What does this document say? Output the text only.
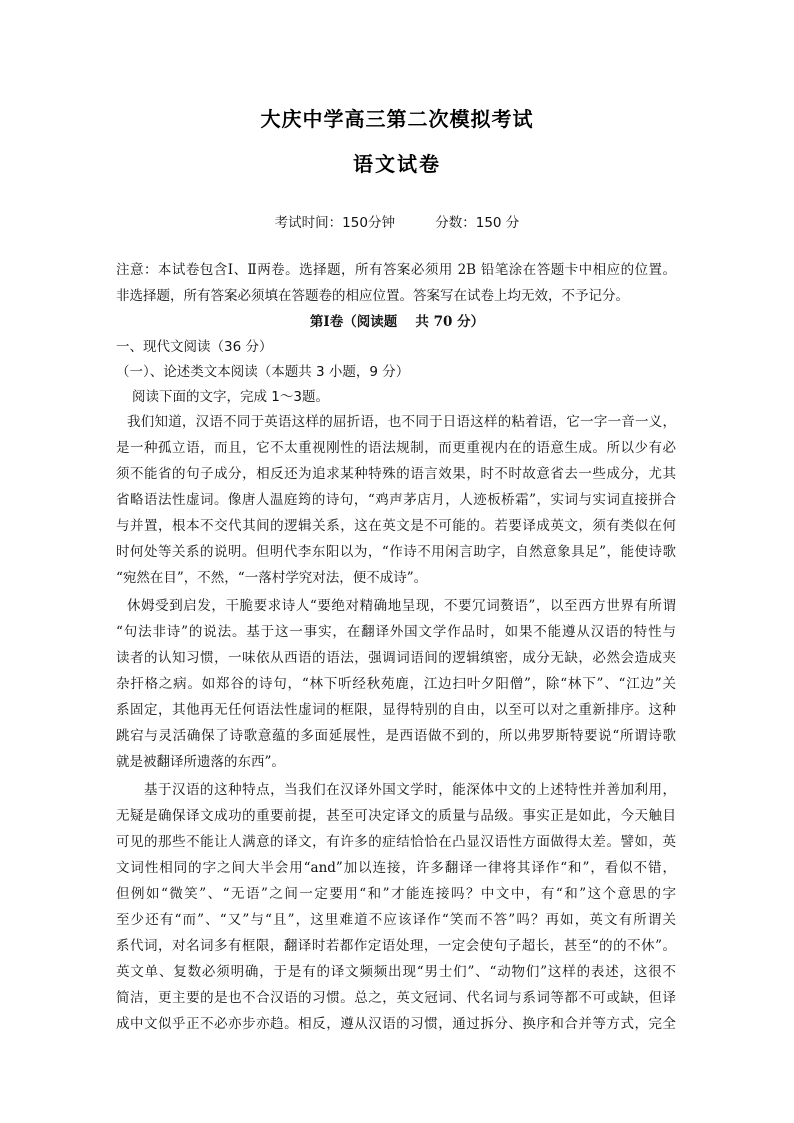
大庆中学高三第二次模拟考试
语文试卷
考试时间：150分钟	分数：150 分
注意：本试卷包含Ⅰ、Ⅱ两卷。选择题，所有答案必须用 2B 铅笔涂在答题卡中相应的位置。
非选择题，所有答案必须填在答题卷的相应位置。答案写在试卷上均无效，不予记分。
第Ⅰ卷（阅读题　 共 70 分）
一、现代文阅读（36 分）
（一）、论述类文本阅读（本题共 3 小题，9 分）
阅读下面的文字，完成 1～3题。
我们知道，汉语不同于英语这样的屈折语，也不同于日语这样的粘着语，它一字一音一义，
是一种孤立语，而且，它不太重视刚性的语法规制，而更重视内在的语意生成。所以少有必
须不能省的句子成分，相反还为追求某种特殊的语言效果，时不时故意省去一些成分，尤其
省略语法性虚词。像唐人温庭筠的诗句，“鸡声茅店月，人迹板桥霜”，实词与实词直接拼合
与并置，根本不交代其间的逻辑关系，这在英文是不可能的。若要译成英文，须有类似在何
时何处等关系的说明。但明代李东阳以为，“作诗不用闲言助字，自然意象具足”，能使诗歌
“宛然在目”，不然，“一落村学究对法，便不成诗”。
休姆受到启发，干脆要求诗人“要绝对精确地呈现，不要冗词赘语”，以至西方世界有所谓
“句法非诗”的说法。基于这一事实，在翻译外国文学作品时，如果不能遵从汉语的特性与
读者的认知习惯，一味依从西语的语法，强调词语间的逻辑缜密，成分无缺，必然会造成夹
杂扞格之病。如郑谷的诗句，“林下听经秋苑鹿，江边扫叶夕阳僧”，除“林下”、“江边”关
系固定，其他再无任何语法性虚词的框限，显得特别的自由，以至可以对之重新排序。这种
跳宕与灵活确保了诗歌意蕴的多面延展性，是西语做不到的，所以弗罗斯特要说“所谓诗歌
就是被翻译所遗落的东西”。
基于汉语的这种特点，当我们在汉译外国文学时，能深体中文的上述特性并善加利用，
无疑是确保译文成功的重要前提，甚至可决定译文的质量与品级。事实正是如此，今天触目
可见的那些不能让人满意的译文，有许多的症结恰恰在凸显汉语性方面做得太差。譬如，英
文词性相同的字之间大半会用“and”加以连接，许多翻译一律将其译作“和”，看似不错，
但例如“微笑”、“无语”之间一定要用“和”才能连接吗？中文中，有“和”这个意思的字
至少还有“而”、“又”与“且”，这里难道不应该译作“笑而不答”吗？再如，英文有所谓关
系代词，对名词多有框限，翻译时若都作定语处理，一定会使句子超长，甚至“的的不休”。
英文单、复数必须明确，于是有的译文频频出现“男士们”、“动物们”这样的表述，这很不
简洁，更主要的是也不合汉语的习惯。总之，英文冠词、代名词与系词等都不可或缺，但译
成中文似乎正不必亦步亦趋。相反，遵从汉语的习惯，通过拆分、换序和合并等方式，完全
